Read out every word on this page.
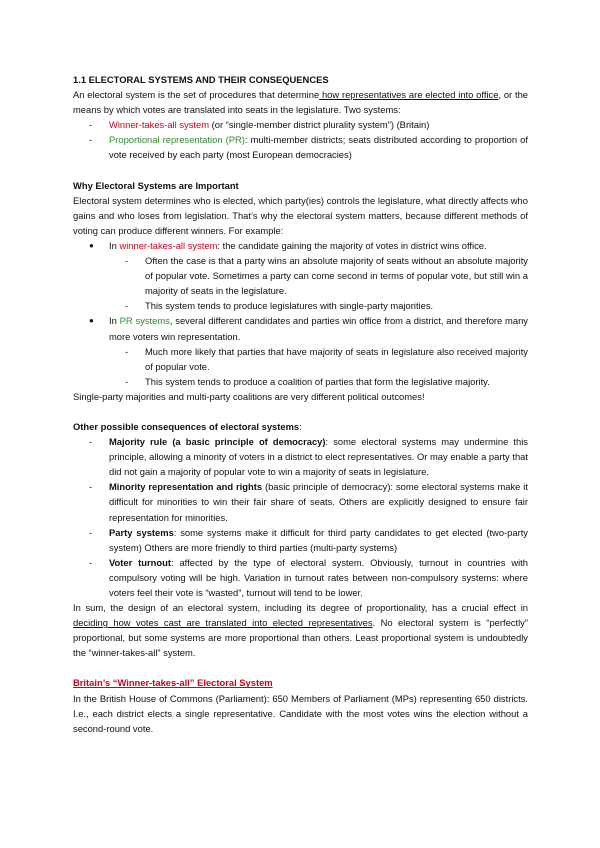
1.1 ELECTORAL SYSTEMS AND THEIR CONSEQUENCES

An electoral system is the set of procedures that determine how representatives are elected into office, or the means by which votes are translated into seats in the legislature. Two systems:

- Winner-takes-all system (or “single-member district plurality system”) (Britain)
- Proportional representation (PR): multi-member districts; seats distributed according to proportion of vote received by each party (most European democracies)

Why Electoral Systems are Important

Electoral system determines who is elected, which party(ies) controls the legislature, what directly affects who gains and who loses from legislation. That’s why the electoral system matters, because different methods of voting can produce different winners. For example:

● In winner-takes-all system: the candidate gaining the majority of votes in district wins office.
- Often the case is that a party wins an absolute majority of seats without an absolute majority of popular vote. Sometimes a party can come second in terms of popular vote, but still win a majority of seats in the legislature.
- This system tends to produce legislatures with single-party majorities.
● In PR systems, several different candidates and parties win office from a district, and therefore many more voters win representation.
- Much more likely that parties that have majority of seats in legislature also received majority of popular vote.
- This system tends to produce a coalition of parties that form the legislative majority.

Single-party majorities and multi-party coalitions are very different political outcomes!

Other possible consequences of electoral systems:

- Majority rule (a basic principle of democracy): some electoral systems may undermine this principle, allowing a minority of voters in a district to elect representatives. Or may enable a party that did not gain a majority of popular vote to win a majority of seats in legislature.
- Minority representation and rights (basic principle of democracy): some electoral systems make it difficult for minorities to win their fair share of seats. Others are explicitly designed to ensure fair representation for minorities.
- Party systems: some systems make it difficult for third party candidates to get elected (two-party system) Others are more friendly to third parties (multi-party systems)
- Voter turnout: affected by the type of electoral system. Obviously, turnout in countries with compulsory voting will be high. Variation in turnout rates between non-compulsory systems: where voters feel their vote is “wasted”, turnout will tend to be lower.

In sum, the design of an electoral system, including its degree of proportionality, has a crucial effect in deciding how votes cast are translated into elected representatives. No electoral system is “perfectly” proportional, but some systems are more proportional than others. Least proportional system is undoubtedly the “winner-takes-all” system.

Britain’s “Winner-takes-all” Electoral System

In the British House of Commons (Parliament): 650 Members of Parliament (MPs) representing 650 districts. I.e., each district elects a single representative. Candidate with the most votes wins the election without a second-round vote.
